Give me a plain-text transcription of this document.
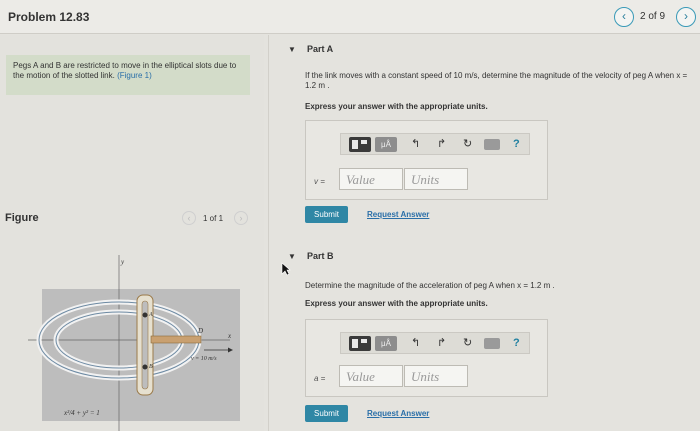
Problem 12.83	‹	2 of 9	›
Pegs A and B are restricted to move in the elliptical slots due to the motion of the slotted link. (Figure 1)
Figure	‹	1 of 1	›
y
x
A
B
D
v = 10 m/s
x²/4 + y² = 1
▼ Part A
If the link moves with a constant speed of 10 m/s, determine the magnitude of the velocity of peg A when x = 1.2 m .
Express your answer with the appropriate units.
μÅ	↰ ↱ ↻	?
v =	Value	Units
Submit	Request Answer
▼ Part B
Determine the magnitude of the acceleration of peg A when x = 1.2 m .
Express your answer with the appropriate units.
μÅ	↰ ↱ ↻	?
a =	Value	Units
Submit	Request Answer
